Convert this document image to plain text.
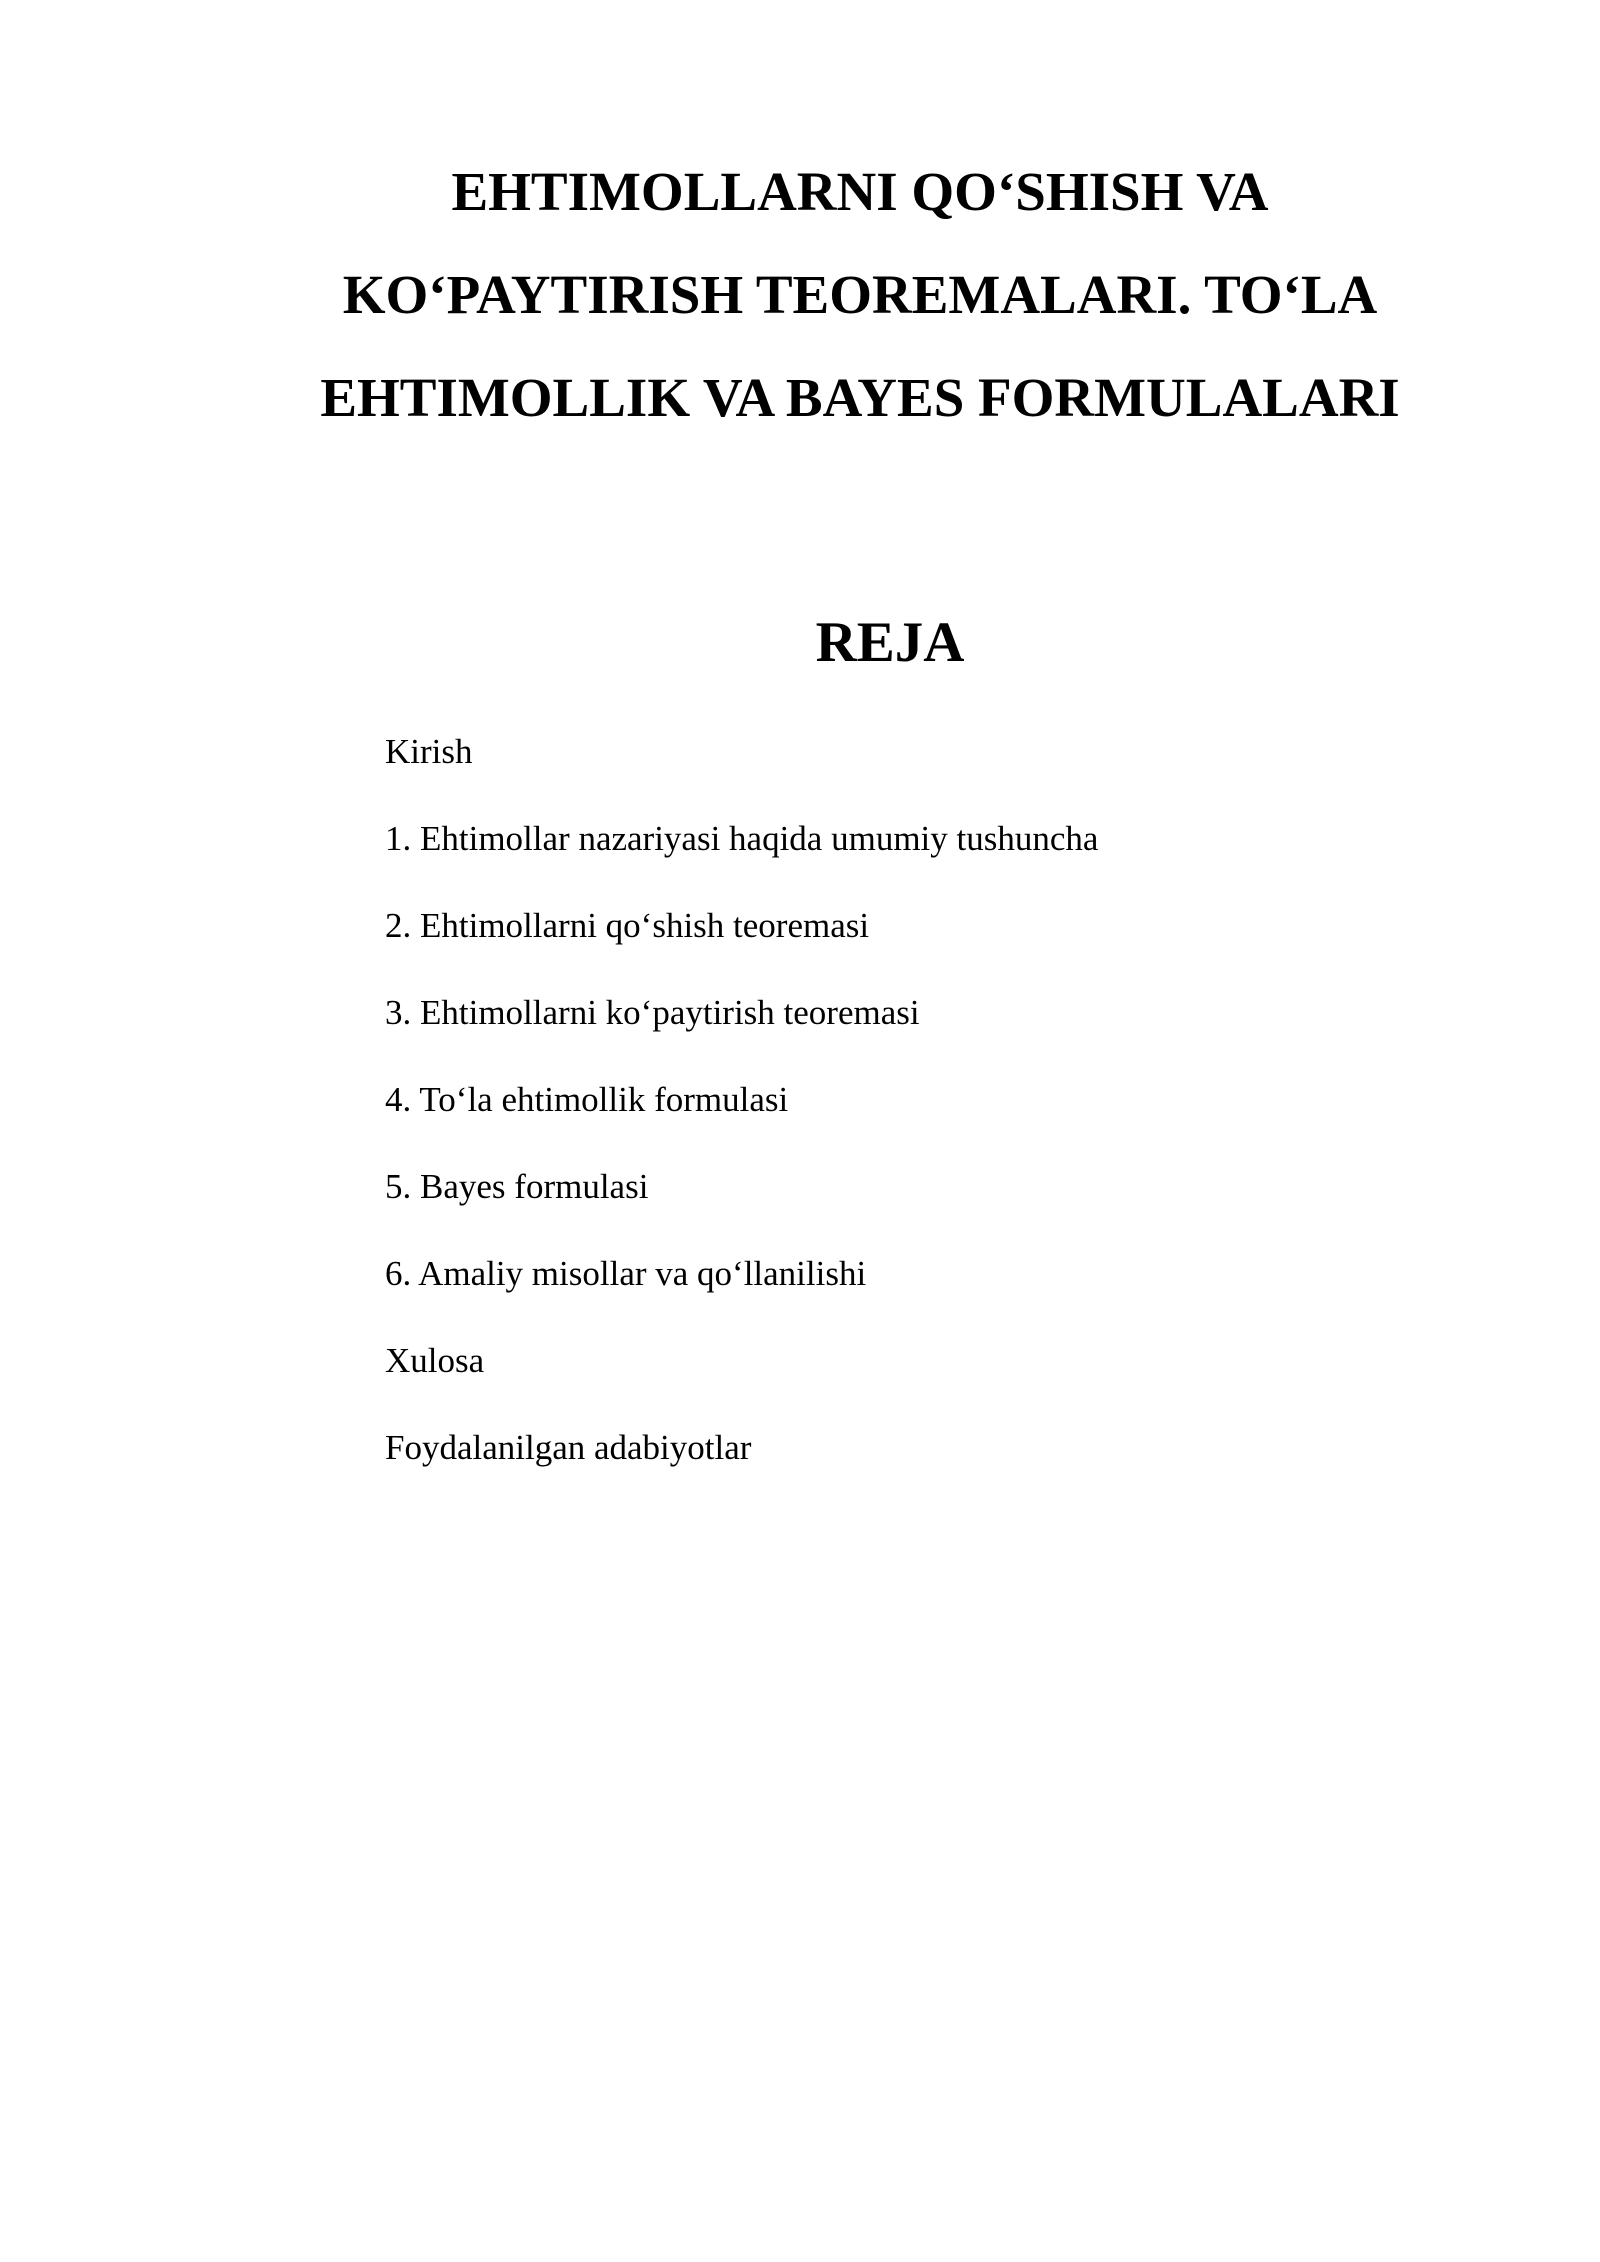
EHTIMOLLARNI QO‘SHISH VA
KO‘PAYTIRISH TEOREMALARI. TO‘LA
EHTIMOLLIK VA BAYES FORMULALARI
REJA
Kirish
1. Ehtimollar nazariyasi haqida umumiy tushuncha
2. Ehtimollarni qo‘shish teoremasi
3. Ehtimollarni ko‘paytirish teoremasi
4. To‘la ehtimollik formulasi
5. Bayes formulasi
6. Amaliy misollar va qo‘llanilishi
Xulosa
Foydalanilgan adabiyotlar
